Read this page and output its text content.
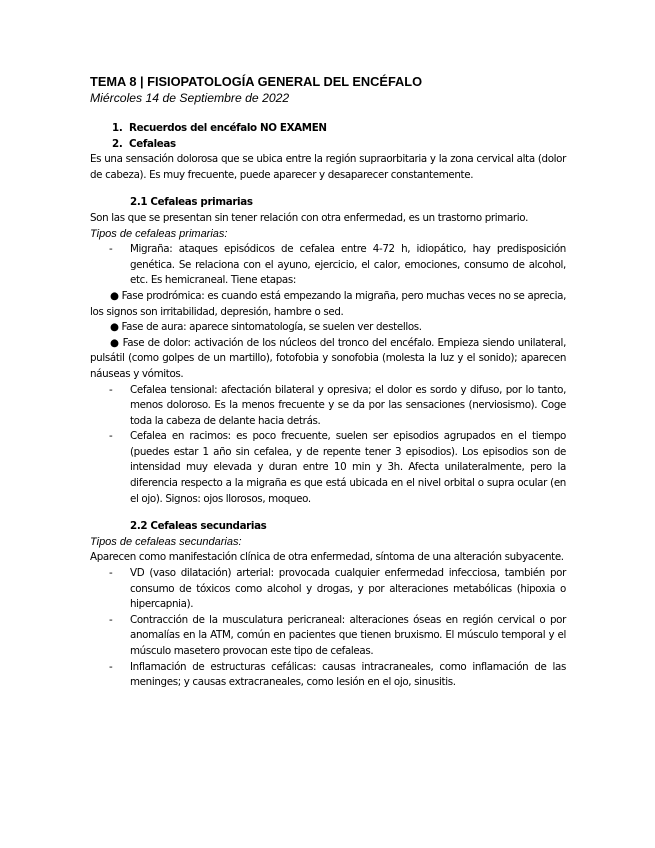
TEMA 8 | FISIOPATOLOGÍA GENERAL DEL ENCÉFALO
Miércoles 14 de Septiembre de 2022
1. Recuerdos del encéfalo NO EXAMEN
2. Cefaleas
Es una sensación dolorosa que se ubica entre la región supraorbitaria y la zona cervical alta (dolor de cabeza). Es muy frecuente, puede aparecer y desaparecer constantemente.
2.1 Cefaleas primarias
Son las que se presentan sin tener relación con otra enfermedad, es un trastorno primario.
Tipos de cefaleas primarias:
- Migraña: ataques episódicos de cefalea entre 4-72 h, idiopático, hay predisposición genética. Se relaciona con el ayuno, ejercicio, el calor, emociones, consumo de alcohol, etc. Es hemicraneal. Tiene etapas:
● Fase prodrómica: es cuando está empezando la migraña, pero muchas veces no se aprecia, los signos son irritabilidad, depresión, hambre o sed.
● Fase de aura: aparece sintomatología, se suelen ver destellos.
● Fase de dolor: activación de los núcleos del tronco del encéfalo. Empieza siendo unilateral, pulsátil (como golpes de un martillo), fotofobia y sonofobia (molesta la luz y el sonido); aparecen náuseas y vómitos.
- Cefalea tensional: afectación bilateral y opresiva; el dolor es sordo y difuso, por lo tanto, menos doloroso. Es la menos frecuente y se da por las sensaciones (nerviosismo). Coge toda la cabeza de delante hacia detrás.
- Cefalea en racimos: es poco frecuente, suelen ser episodios agrupados en el tiempo (puedes estar 1 año sin cefalea, y de repente tener 3 episodios). Los episodios son de intensidad muy elevada y duran entre 10 min y 3h. Afecta unilateralmente, pero la diferencia respecto a la migraña es que está ubicada en el nivel orbital o supra ocular (en el ojo). Signos: ojos llorosos, moqueo.
2.2 Cefaleas secundarias
Tipos de cefaleas secundarias:
Aparecen como manifestación clínica de otra enfermedad, síntoma de una alteración subyacente.
- VD (vaso dilatación) arterial: provocada cualquier enfermedad infecciosa, también por consumo de tóxicos como alcohol y drogas, y por alteraciones metabólicas (hipoxia o hipercapnia).
- Contracción de la musculatura pericraneal: alteraciones óseas en región cervical o por anomalías en la ATM, común en pacientes que tienen bruxismo. El músculo temporal y el músculo masetero provocan este tipo de cefaleas.
- Inflamación de estructuras cefálicas: causas intracraneales, como inflamación de las meninges; y causas extracraneales, como lesión en el ojo, sinusitis.
